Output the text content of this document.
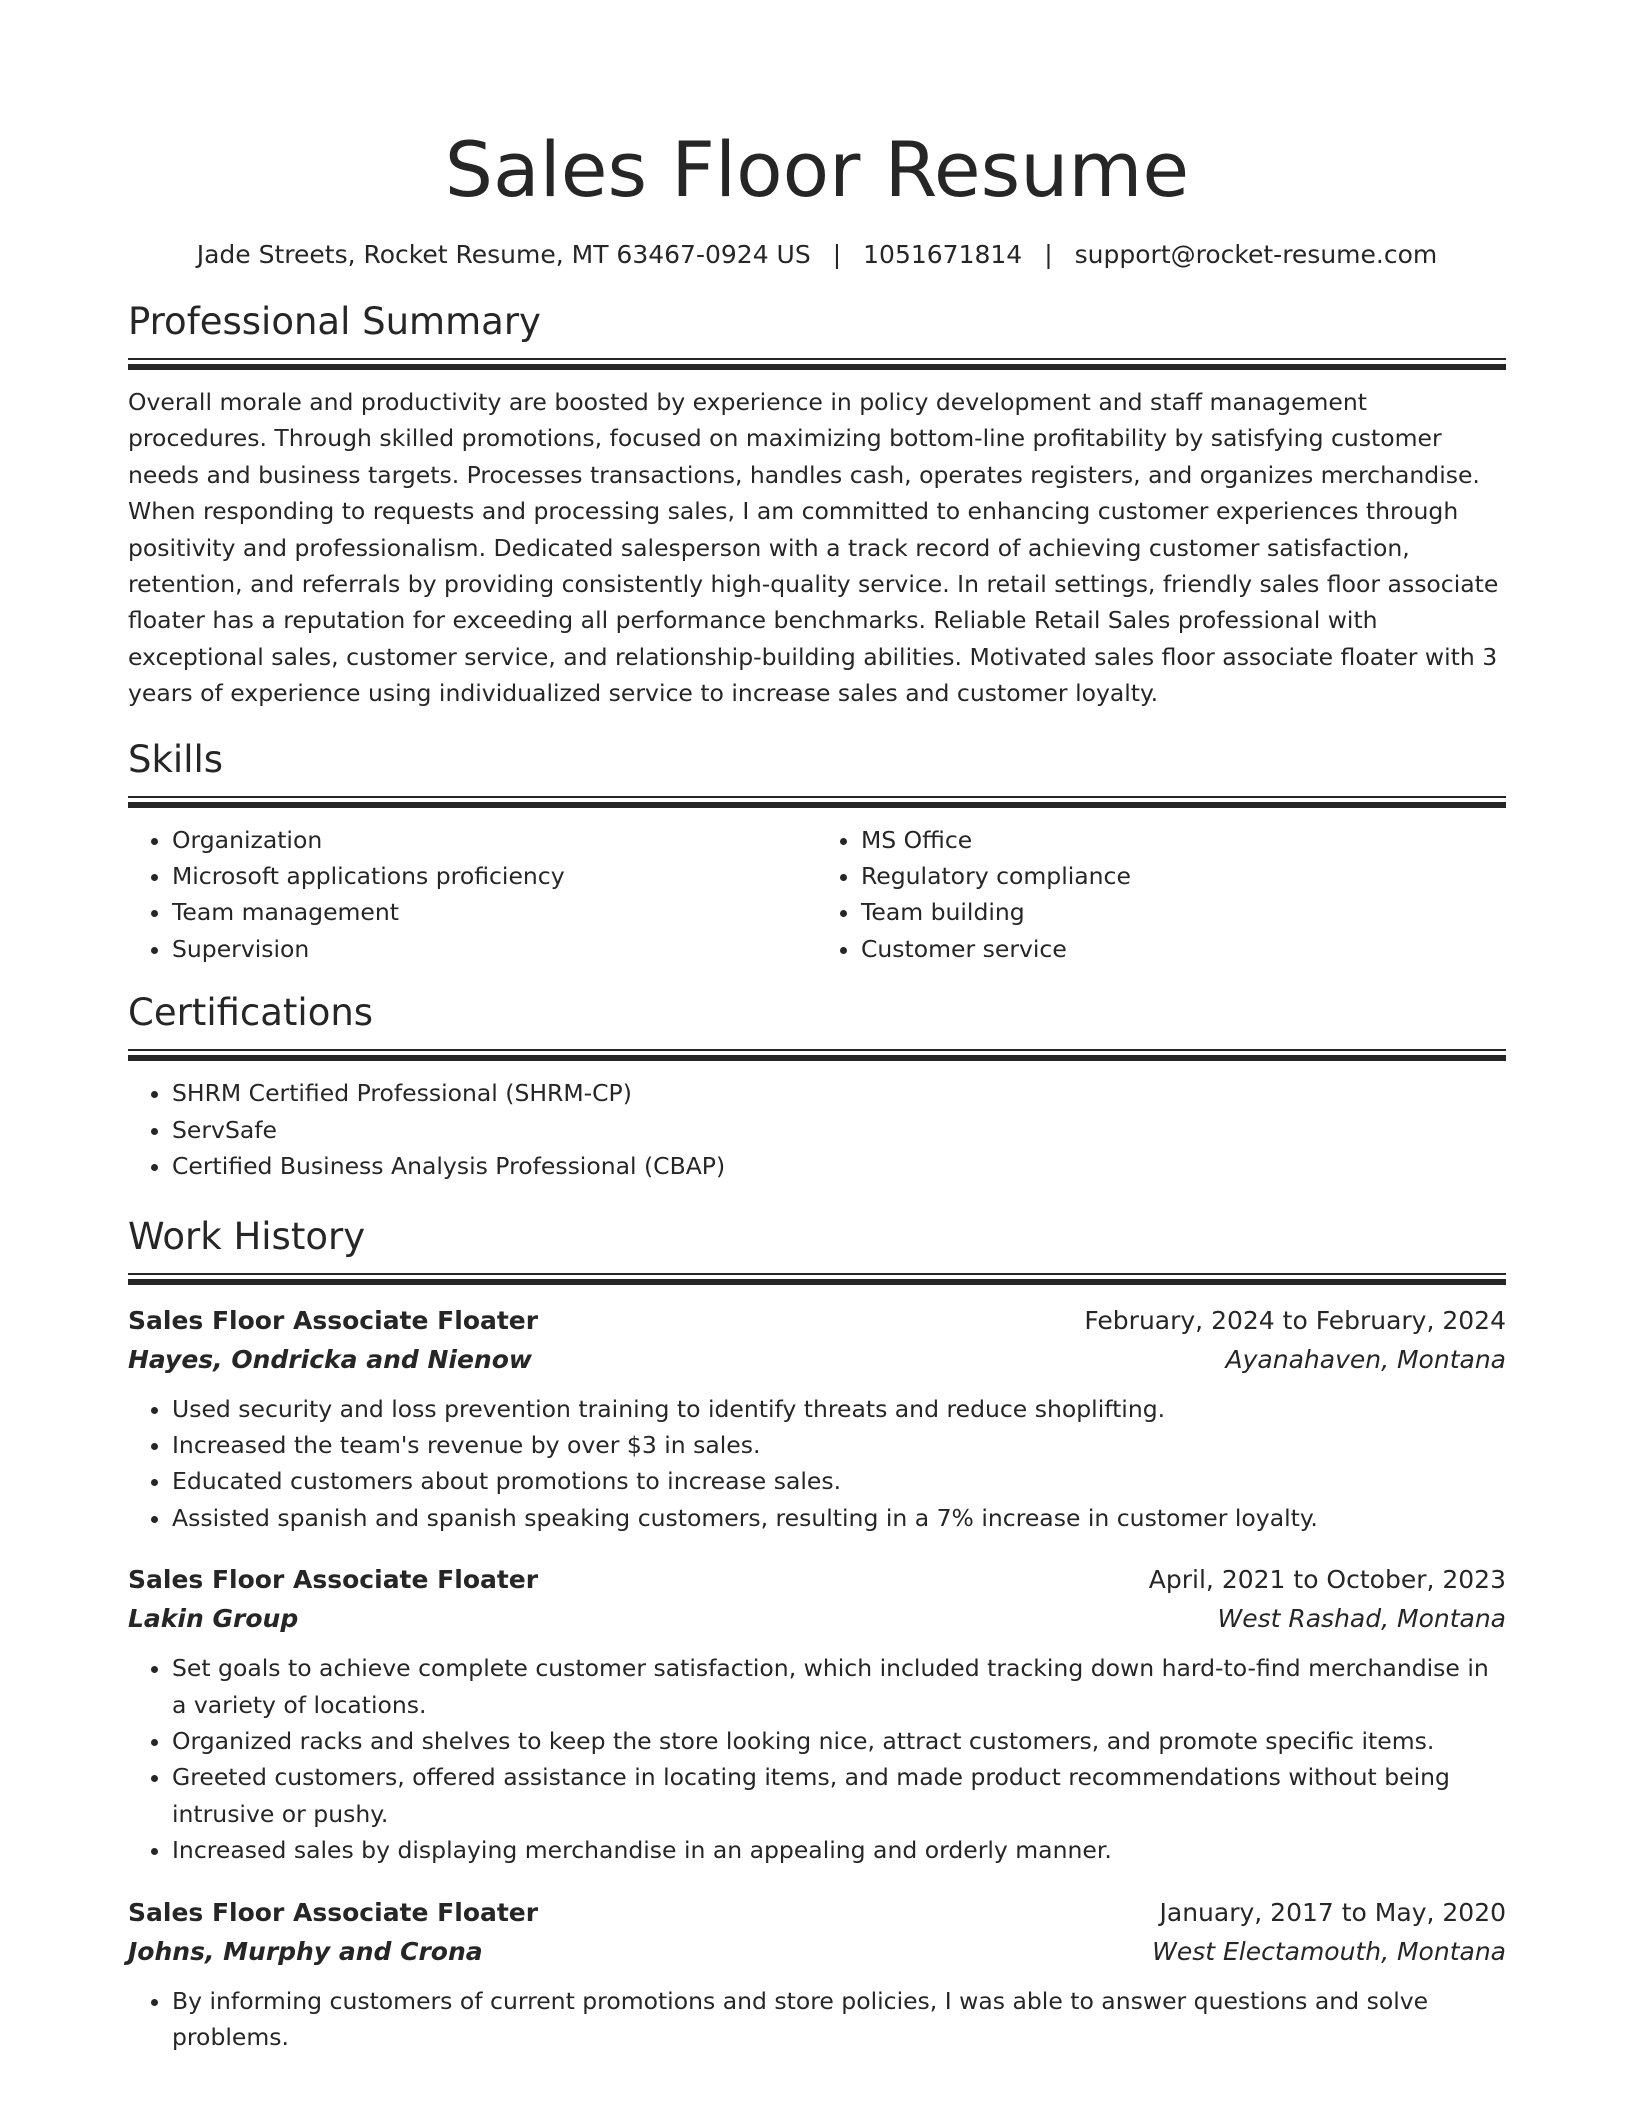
Sales Floor Resume
Jade Streets, Rocket Resume, MT 63467-0924 US | 1051671814 | support@rocket-resume.com
Professional Summary
Overall morale and productivity are boosted by experience in policy development and staff management procedures. Through skilled promotions, focused on maximizing bottom-line profitability by satisfying customer needs and business targets. Processes transactions, handles cash, operates registers, and organizes merchandise. When responding to requests and processing sales, I am committed to enhancing customer experiences through positivity and professionalism. Dedicated salesperson with a track record of achieving customer satisfaction, retention, and referrals by providing consistently high-quality service. In retail settings, friendly sales floor associate floater has a reputation for exceeding all performance benchmarks. Reliable Retail Sales professional with exceptional sales, customer service, and relationship-building abilities. Motivated sales floor associate floater with 3 years of experience using individualized service to increase sales and customer loyalty.
Skills
• Organization
• Microsoft applications proficiency
• Team management
• Supervision
• MS Office
• Regulatory compliance
• Team building
• Customer service
Certifications
• SHRM Certified Professional (SHRM-CP)
• ServSafe
• Certified Business Analysis Professional (CBAP)
Work History
Sales Floor Associate Floater	February, 2024 to February, 2024
Hayes, Ondricka and Nienow	Ayanahaven, Montana
• Used security and loss prevention training to identify threats and reduce shoplifting.
• Increased the team's revenue by over $3 in sales.
• Educated customers about promotions to increase sales.
• Assisted spanish and spanish speaking customers, resulting in a 7% increase in customer loyalty.
Sales Floor Associate Floater	April, 2021 to October, 2023
Lakin Group	West Rashad, Montana
• Set goals to achieve complete customer satisfaction, which included tracking down hard-to-find merchandise in a variety of locations.
• Organized racks and shelves to keep the store looking nice, attract customers, and promote specific items.
• Greeted customers, offered assistance in locating items, and made product recommendations without being intrusive or pushy.
• Increased sales by displaying merchandise in an appealing and orderly manner.
Sales Floor Associate Floater	January, 2017 to May, 2020
Johns, Murphy and Crona	West Electamouth, Montana
• By informing customers of current promotions and store policies, I was able to answer questions and solve problems.
